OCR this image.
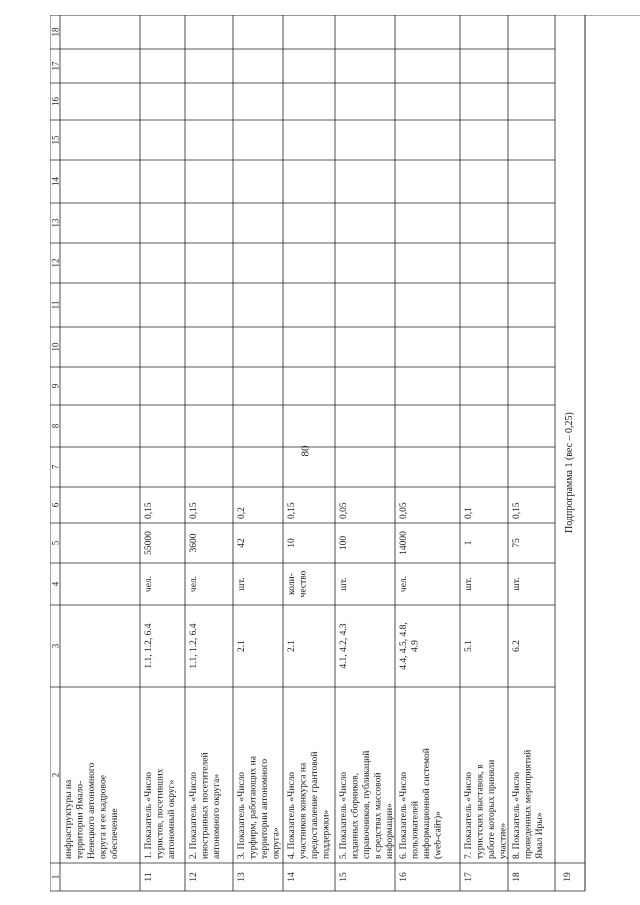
80
1
2
3
4
5
6
7
8
9
10
11
12
13
14
15
16
17
18
инфраструктуры на территории Ямало- Ненецкого автономного округа и ее кадровое обеспечение
11
1. Показатель «Число туристов, посетивших автономный округ»
1.1, 1.2, 6.4
чел.
55000
0,15
12
2. Показатель «Число иностранных посетителей автономного округа»
1.1, 1.2, 6.4
чел.
3600
0,15
13
3. Показатель «Число турфирм, работающих на территории автономного округа»
2.1
шт.
42
0,2
14
4. Показатель «Число участников конкурса на предоставление грантовой поддержки»
2.1
коли- чество
10
0,15
15
5. Показатель «Число изданных сборников, справочников, публикаций в средствах массовой информации»
4.1, 4.2, 4.3
шт.
100
0,05
16
6. Показатель «Число пользователей информационной системой (web-сайт)»
4.4, 4.5, 4.8, 4.9
чел.
14000
0,05
17
7. Показатель «Число туристских выставок, в работе которых приняли участие»
5.1
шт.
1
0,1
18
8. Показатель «Число проведенных мероприятий Ямал Иры»
6.2
шт.
75
0,15
19
Подпрограмма 1 (вес – 0,25)
